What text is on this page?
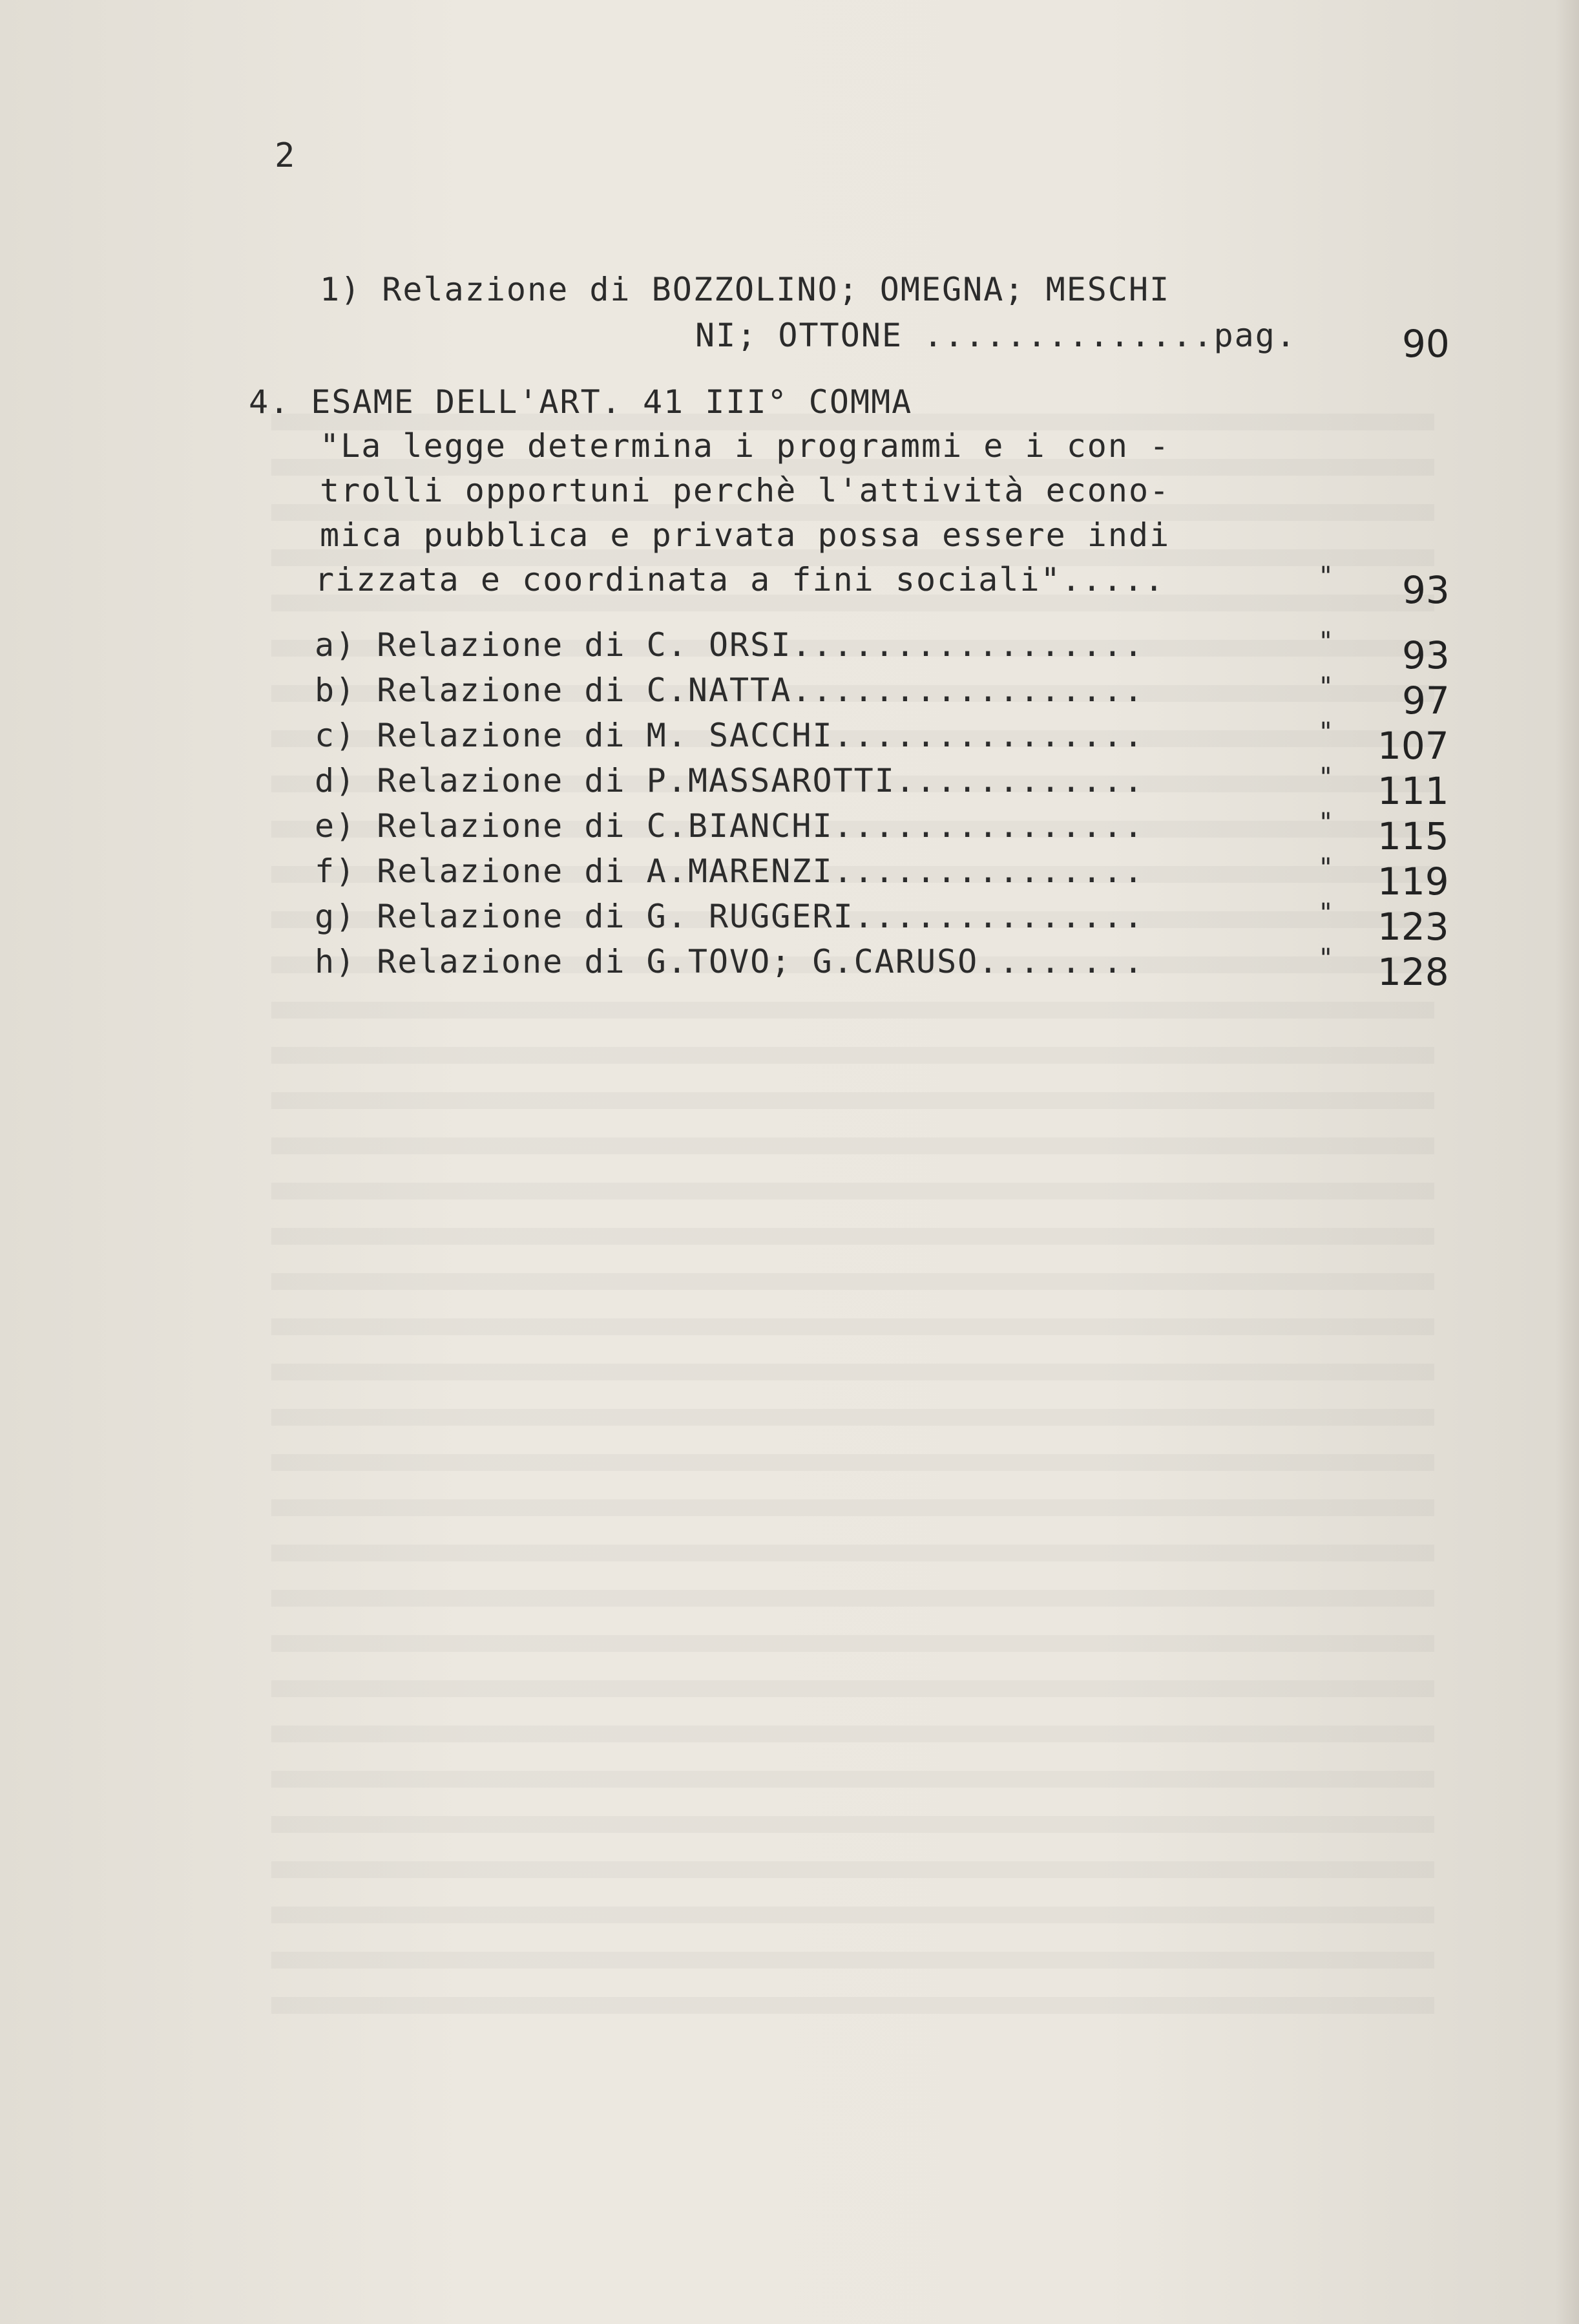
2
1) Relazione di BOZZOLINO; OMEGNA; MESCHI
NI; OTTONE ..............pag.	90
4. ESAME DELL'ART. 41 III° COMMA
"La legge determina i programmi e i con -
trolli opportuni perchè l'attività econo-
mica pubblica e privata possa essere indi
rizzata e coordinata a fini sociali".....	" 93
a) Relazione di C. ORSI.................	" 93
b) Relazione di C.NATTA.................	" 97
c) Relazione di M. SACCHI...............	" 107
d) Relazione di P.MASSAROTTI............	" 111
e) Relazione di C.BIANCHI...............	" 115
f) Relazione di A.MARENZI...............	" 119
g) Relazione di G. RUGGERI..............	" 123
h) Relazione di G.TOVO; G.CARUSO........	" 128
